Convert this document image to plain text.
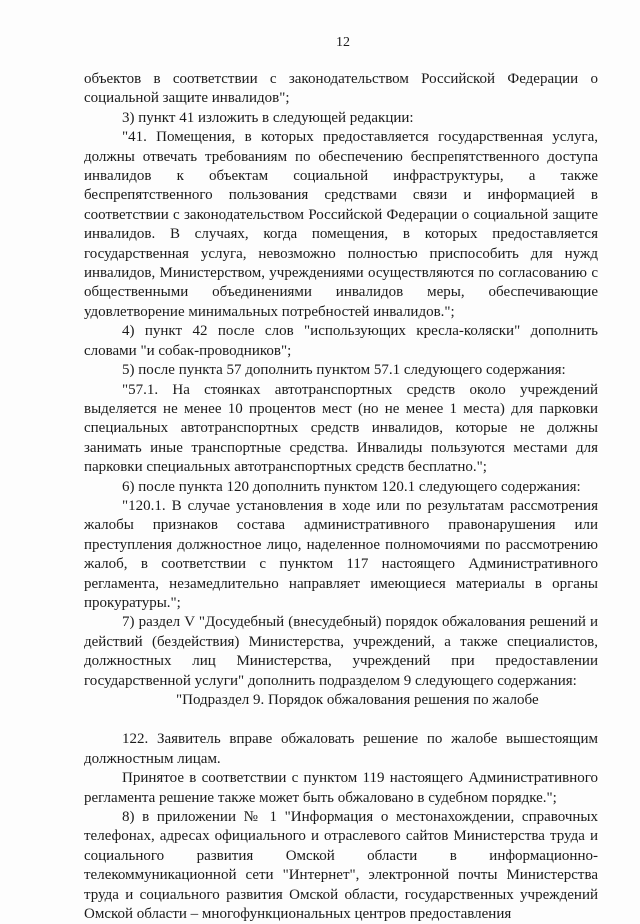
12

объектов в соответствии с законодательством Российской Федерации о социальной защите инвалидов";

3) пункт 41 изложить в следующей редакции:

"41. Помещения, в которых предоставляется государственная услуга, должны отвечать требованиям по обеспечению беспрепятственного доступа инвалидов к объектам социальной инфраструктуры, а также беспрепятственного пользования средствами связи и информацией в соответствии с законодательством Российской Федерации о социальной защите инвалидов. В случаях, когда помещения, в которых предоставляется государственная услуга, невозможно полностью приспособить для нужд инвалидов, Министерством, учреждениями осуществляются по согласованию с общественными объединениями инвалидов меры, обеспечивающие удовлетворение минимальных потребностей инвалидов.";

4) пункт 42 после слов "использующих кресла-коляски" дополнить словами "и собак-проводников";

5) после пункта 57 дополнить пунктом 57.1 следующего содержания:

"57.1. На стоянках автотранспортных средств около учреждений выделяется не менее 10 процентов мест (но не менее 1 места) для парковки специальных автотранспортных средств инвалидов, которые не должны занимать иные транспортные средства. Инвалиды пользуются местами для парковки специальных автотранспортных средств бесплатно.";

6) после пункта 120 дополнить пунктом 120.1 следующего содержания:

"120.1. В случае установления в ходе или по результатам рассмотрения жалобы признаков состава административного правонарушения или преступления должностное лицо, наделенное полномочиями по рассмотрению жалоб, в соответствии с пунктом 117 настоящего Административного регламента, незамедлительно направляет имеющиеся материалы в органы прокуратуры.";

7) раздел V "Досудебный (внесудебный) порядок обжалования решений и действий (бездействия) Министерства, учреждений, а также специалистов, должностных лиц Министерства, учреждений при предоставлении государственной услуги" дополнить подразделом 9 следующего содержания:

"Подраздел 9. Порядок обжалования решения по жалобе

122. Заявитель вправе обжаловать решение по жалобе вышестоящим должностным лицам.

Принятое в соответствии с пунктом 119 настоящего Административного регламента решение также может быть обжаловано в судебном порядке.";

8) в приложении № 1 "Информация о местонахождении, справочных телефонах, адресах официального и отраслевого сайтов Министерства труда и социального развития Омской области в информационно-телекоммуникационной сети "Интернет", электронной почты Министерства труда и социального развития Омской области, государственных учреждений Омской области – многофункциональных центров предоставления
